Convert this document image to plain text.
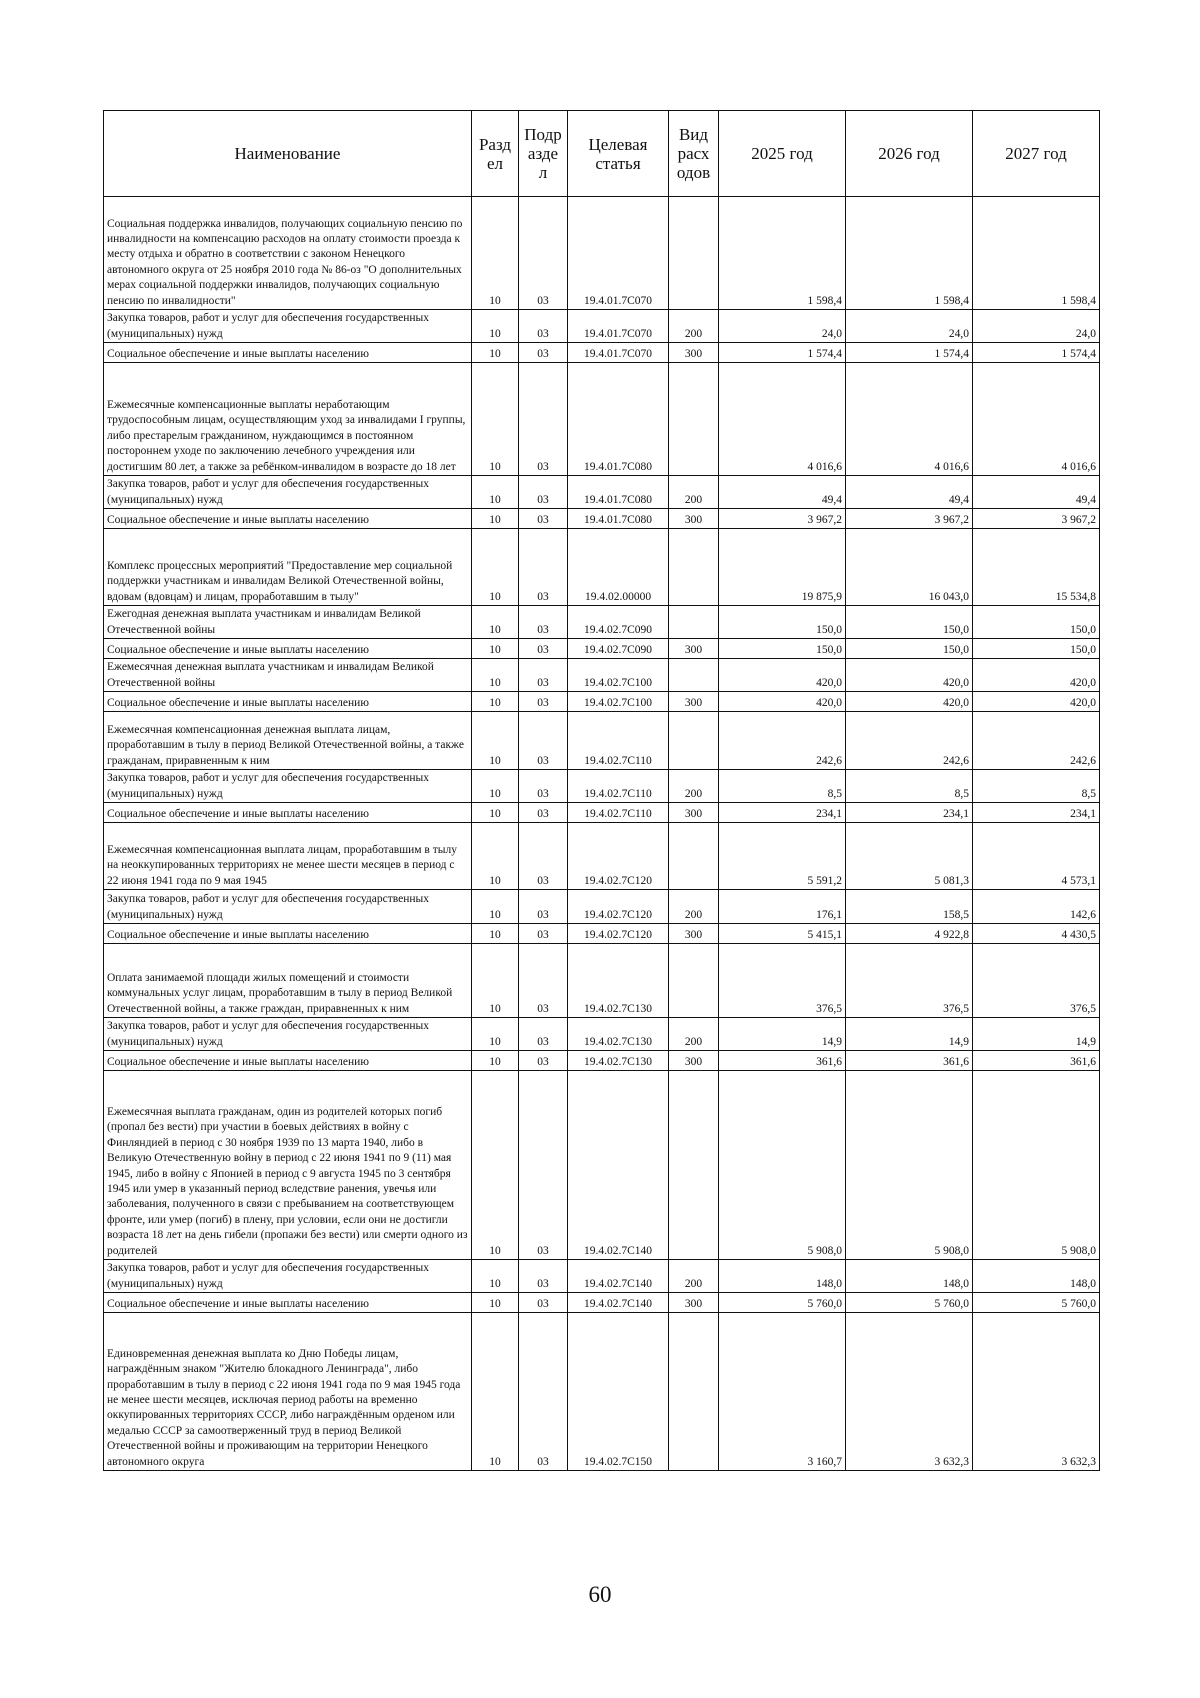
Наименование	Разд ел	Подр азде л	Целевая статья	Вид расх одов	2025 год	2026 год	2027 год
Социальная поддержка инвалидов, получающих социальную пенсию по инвалидности на компенсацию расходов на оплату стоимости проезда к месту отдыха и обратно в соответствии с законом Ненецкого автономного округа от 25 ноября 2010 года № 86-оз "О дополнительных мерах социальной поддержки инвалидов, получающих социальную пенсию по инвалидности"	10	03	19.4.01.7С070		1 598,4	1 598,4	1 598,4
Закупка товаров, работ и услуг для обеспечения государственных (муниципальных) нужд	10	03	19.4.01.7С070	200	24,0	24,0	24,0
Социальное обеспечение и иные выплаты населению	10	03	19.4.01.7С070	300	1 574,4	1 574,4	1 574,4
Ежемесячные компенсационные выплаты неработающим трудоспособным лицам, осуществляющим уход за инвалидами I группы, либо престарелым гражданином, нуждающимся в постоянном постороннем уходе по заключению лечебного учреждения или достигшим 80 лет, а также за ребёнком-инвалидом в возрасте до 18 лет	10	03	19.4.01.7С080		4 016,6	4 016,6	4 016,6
Закупка товаров, работ и услуг для обеспечения государственных (муниципальных) нужд	10	03	19.4.01.7С080	200	49,4	49,4	49,4
Социальное обеспечение и иные выплаты населению	10	03	19.4.01.7С080	300	3 967,2	3 967,2	3 967,2
Комплекс процессных мероприятий "Предоставление мер социальной поддержки участникам и инвалидам Великой Отечественной войны, вдовам (вдовцам) и лицам, проработавшим в тылу"	10	03	19.4.02.00000		19 875,9	16 043,0	15 534,8
Ежегодная денежная выплата участникам и инвалидам Великой Отечественной войны	10	03	19.4.02.7С090		150,0	150,0	150,0
Социальное обеспечение и иные выплаты населению	10	03	19.4.02.7С090	300	150,0	150,0	150,0
Ежемесячная денежная выплата участникам и инвалидам Великой Отечественной войны	10	03	19.4.02.7С100		420,0	420,0	420,0
Социальное обеспечение и иные выплаты населению	10	03	19.4.02.7С100	300	420,0	420,0	420,0
Ежемесячная компенсационная денежная выплата лицам, проработавшим в тылу в период Великой Отечественной войны, а также гражданам, приравненным к ним	10	03	19.4.02.7С110		242,6	242,6	242,6
Закупка товаров, работ и услуг для обеспечения государственных (муниципальных) нужд	10	03	19.4.02.7С110	200	8,5	8,5	8,5
Социальное обеспечение и иные выплаты населению	10	03	19.4.02.7С110	300	234,1	234,1	234,1
Ежемесячная компенсационная выплата лицам, проработавшим в тылу на неоккупированных территориях не менее шести месяцев в период с 22 июня 1941 года по 9 мая 1945	10	03	19.4.02.7С120		5 591,2	5 081,3	4 573,1
Закупка товаров, работ и услуг для обеспечения государственных (муниципальных) нужд	10	03	19.4.02.7С120	200	176,1	158,5	142,6
Социальное обеспечение и иные выплаты населению	10	03	19.4.02.7С120	300	5 415,1	4 922,8	4 430,5
Оплата занимаемой площади жилых помещений и стоимости коммунальных услуг лицам, проработавшим в тылу в период Великой Отечественной войны, а также граждан, приравненных к ним	10	03	19.4.02.7С130		376,5	376,5	376,5
Закупка товаров, работ и услуг для обеспечения государственных (муниципальных) нужд	10	03	19.4.02.7С130	200	14,9	14,9	14,9
Социальное обеспечение и иные выплаты населению	10	03	19.4.02.7С130	300	361,6	361,6	361,6
Ежемесячная выплата гражданам, один из родителей которых погиб (пропал без вести) при участии в боевых действиях в войну с Финляндией в период с 30 ноября 1939 по 13 марта 1940, либо в Великую Отечественную войну в период с 22 июня 1941 по 9 (11) мая 1945, либо в войну с Японией в период с 9 августа 1945 по 3 сентября 1945 или умер в указанный период вследствие ранения, увечья или заболевания, полученного в связи с пребыванием на соответствующем фронте, или умер (погиб) в плену, при условии, если они не достигли возраста 18 лет на день гибели (пропажи без вести) или смерти одного из родителей	10	03	19.4.02.7С140		5 908,0	5 908,0	5 908,0
Закупка товаров, работ и услуг для обеспечения государственных (муниципальных) нужд	10	03	19.4.02.7С140	200	148,0	148,0	148,0
Социальное обеспечение и иные выплаты населению	10	03	19.4.02.7С140	300	5 760,0	5 760,0	5 760,0
Единовременная денежная выплата ко Дню Победы лицам, награждённым знаком "Жителю блокадного Ленинграда", либо проработавшим в тылу в период с 22 июня 1941 года по 9 мая 1945 года не менее шести месяцев, исключая период работы на временно оккупированных территориях СССР, либо награждённым орденом или медалью СССР за самоотверженный труд в период Великой Отечественной войны и проживающим на территории Ненецкого автономного округа	10	03	19.4.02.7С150		3 160,7	3 632,3	3 632,3
60
